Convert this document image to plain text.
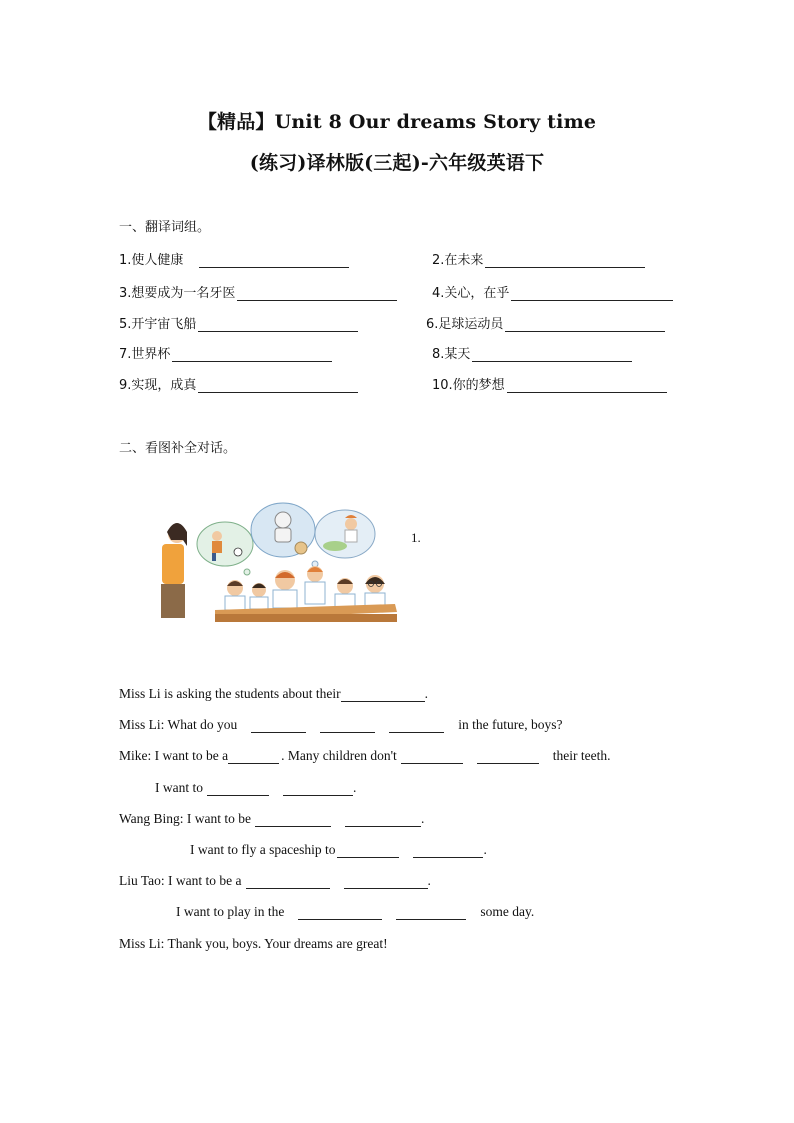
【精品】Unit 8 Our dreams Story time
(练习)译林版(三起)-六年级英语下
一、翻译词组。
1.使人健康	2.在未来
3.想要成为一名牙医	4.关心，在乎
5.开宇宙飞船	6.足球运动员
7.世界杯	8.某天
9.实现，成真	10.你的梦想
二、看图补全对话。
1.
Miss Li is asking the students about their	.
Miss Li: What do you	in the future, boys?
Mike: I want to be a	. Many children don't	their teeth.
I want to	.
Wang Bing: I want to be	.
I want to fly a spaceship to	.
Liu Tao: I want to be a	.
I want to play in the	some day.
Miss Li: Thank you, boys. Your dreams are great!
